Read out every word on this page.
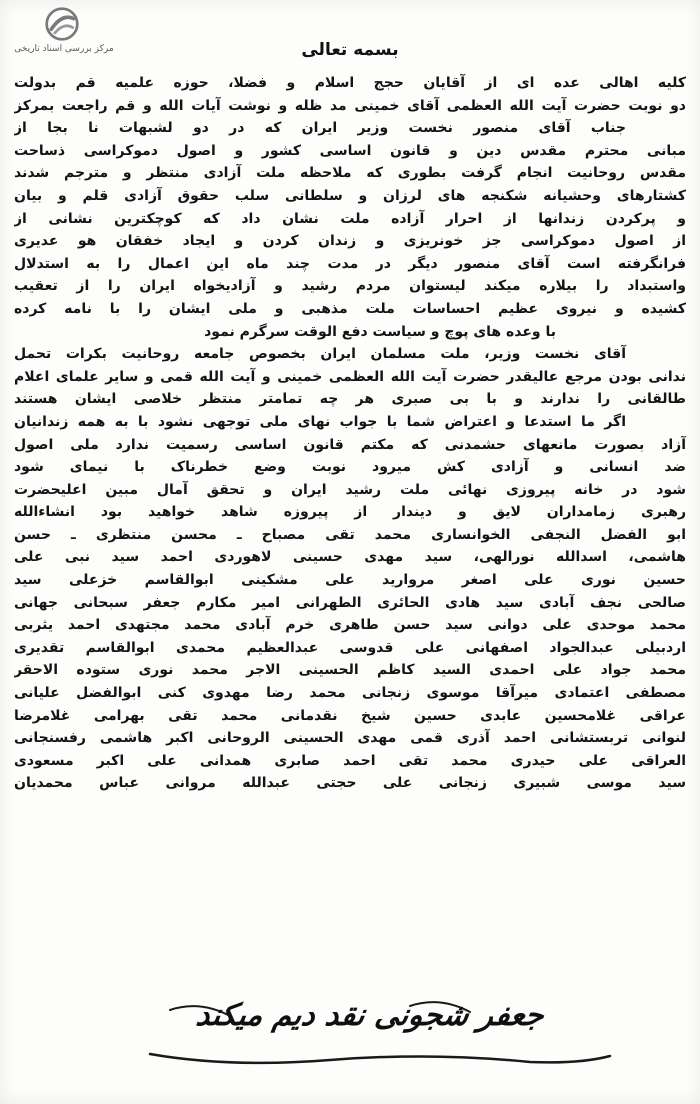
مرکز بررسی اسناد تاریخی	بسمه تعالی
کلیه اهالی عده ای از آقایان حجج اسلام و فضلا، حوزه علمیه قم بدولت
دو نوبت حضرت آیت الله العظمی آقای خمینی مد ظله و نوشت آیات الله و قم راجعت بمرکز
جناب آقای منصور نخست وزیر ایران که در دو لشبهات نا بجا از
مبانی محترم مقدس دین و قانون اساسی کشور و اصول دموکراسی ذساحت
مقدس روحانیت انجام گرفت بطوری که ملاحظه ملت آزادی منتظر و مترجم شدند
کشتارهای وحشیانه شکنجه های لرزان و سلطانی سلب حقوق آزادی قلم و بیان
و پرکردن زندانها از احرار آزاده ملت نشان داد که کوچکترین نشانی از
از اصول دموکراسی جز خونریزی و زندان کردن و ایجاد خفقان هو عدیری
فرانگرفته است آقای منصور دیگر در مدت چند ماه این اعمال را به استدلال
واستبداد را بیلاره میکند لیستوان مردم رشید و آزادیخواه ایران را از تعقیب
کشیده و نیروی عظیم احساسات ملت مذهبی و ملی ایشان را با نامه کرده
با وعده های پوچ و سیاست دفع الوقت سرگرم نمود
آقای نخست وزیر، ملت مسلمان ایران بخصوص جامعه روحانیت بکرات تحمل
ندانی بودن مرجع عالیقدر حضرت آیت الله العظمی خمینی و آیت الله قمی و سایر علمای اعلام
طالقانی را ندارند و با بی صبری هر چه تمامتر منتظر خلاصی ایشان هستند
اگر ما استدعا و اعتراض شما با جواب نهای ملی توجهی نشود با به همه زندانیان
آزاد بصورت مانعهای حشمدنی که مکتم قانون اساسی رسمیت ندارد ملی اصول
ضد انسانی و آزادی کش میرود نوبت وضع خطرناک با نیمای شود
شود در خانه پیروزی نهائی ملت رشید ایران و تحقق آمال مبین اعلیحضرت
رهبری زمامداران لایق و دیندار از پیروزه شاهد خواهید بود انشاءالله
ابو الفضل النجفی الخوانساری محمد تقی مصباح ـ محسن منتظری ـ حسن
هاشمی، اسدالله نورالهی، سید مهدی حسینی لاهوردی احمد سید نبی علی
حسین نوری علی اصغر مروارید علی مشکینی ابوالقاسم خزعلی سید
صالحی نجف آبادی سید هادی الحائری الطهرانی امیر مکارم جعفر سبحانی جهانی
محمد موحدی علی دوانی سید حسن طاهری خرم آبادی محمد مجتهدی احمد یثربی
اردبیلی عبدالجواد اصفهانی علی قدوسی عبدالعظیم محمدی ابوالقاسم تقدیری
محمد جواد علی احمدی السید کاظم الحسینی الاجر محمد نوری ستوده الاحقر
مصطفی اعتمادی میرآقا موسوی زنجانی محمد رضا مهدوی کنی ابوالفضل علیانی
عراقی غلامحسین عابدی حسین شیخ نقدمانی محمد تقی بهرامی غلامرضا
لنوانی تربستشانی احمد آذری قمی مهدی الحسینی الروحانی اکبر هاشمی رفسنجانی
العراقی علی حیدری محمد تقی احمد صابری همدانی علی اکبر مسعودی
سید موسی شبیری زنجانی علی حجتی عبدالله مروانی عباس محمدیان
جعفر شجونی نقد دیم میکند
